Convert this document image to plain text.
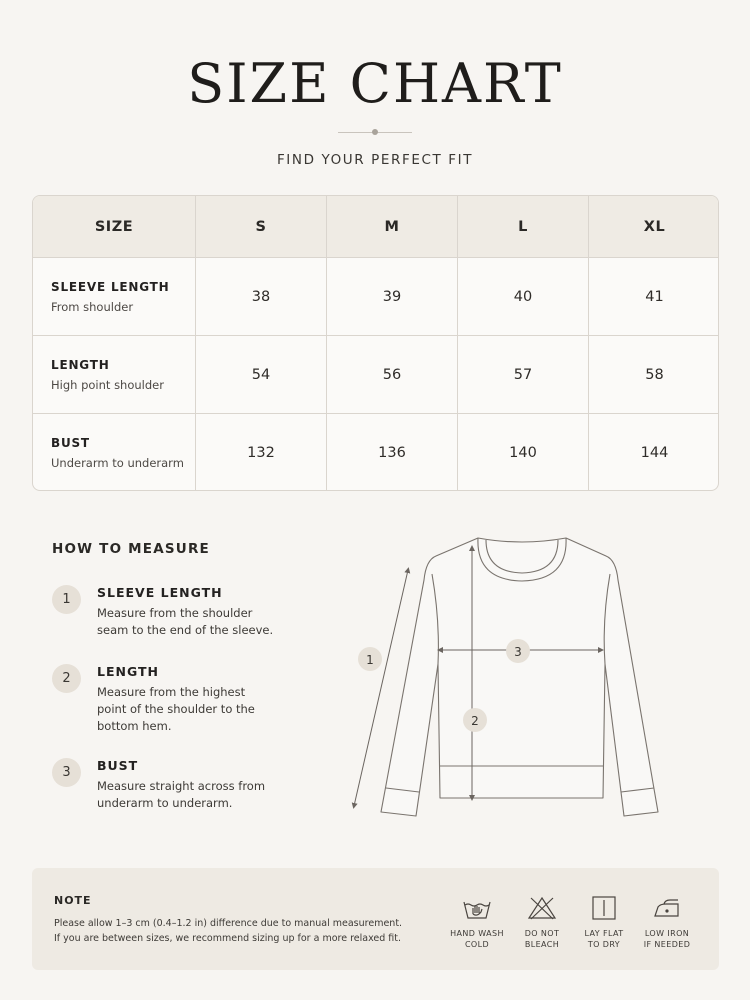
SIZE CHART
FIND YOUR PERFECT FIT
SIZE	S	M	L	XL
SLEEVE LENGTH
From shoulder
38	39	40	41
LENGTH
High point shoulder
54	56	57	58
BUST
Underarm to underarm
132	136	140	144
HOW TO MEASURE
1	SLEEVE LENGTH
Measure from the shoulder
seam to the end of the sleeve.
2	LENGTH
Measure from the highest
point of the shoulder to the
bottom hem.
3	BUST
Measure straight across from
underarm to underarm.
1
2
3
NOTE
Please allow 1–3 cm (0.4–1.2 in) difference due to manual measurement.
If you are between sizes, we recommend sizing up for a more relaxed fit.	HAND WASH
COLD
DO NOT
BLEACH
LAY FLAT
TO DRY
LOW IRON
IF NEEDED
